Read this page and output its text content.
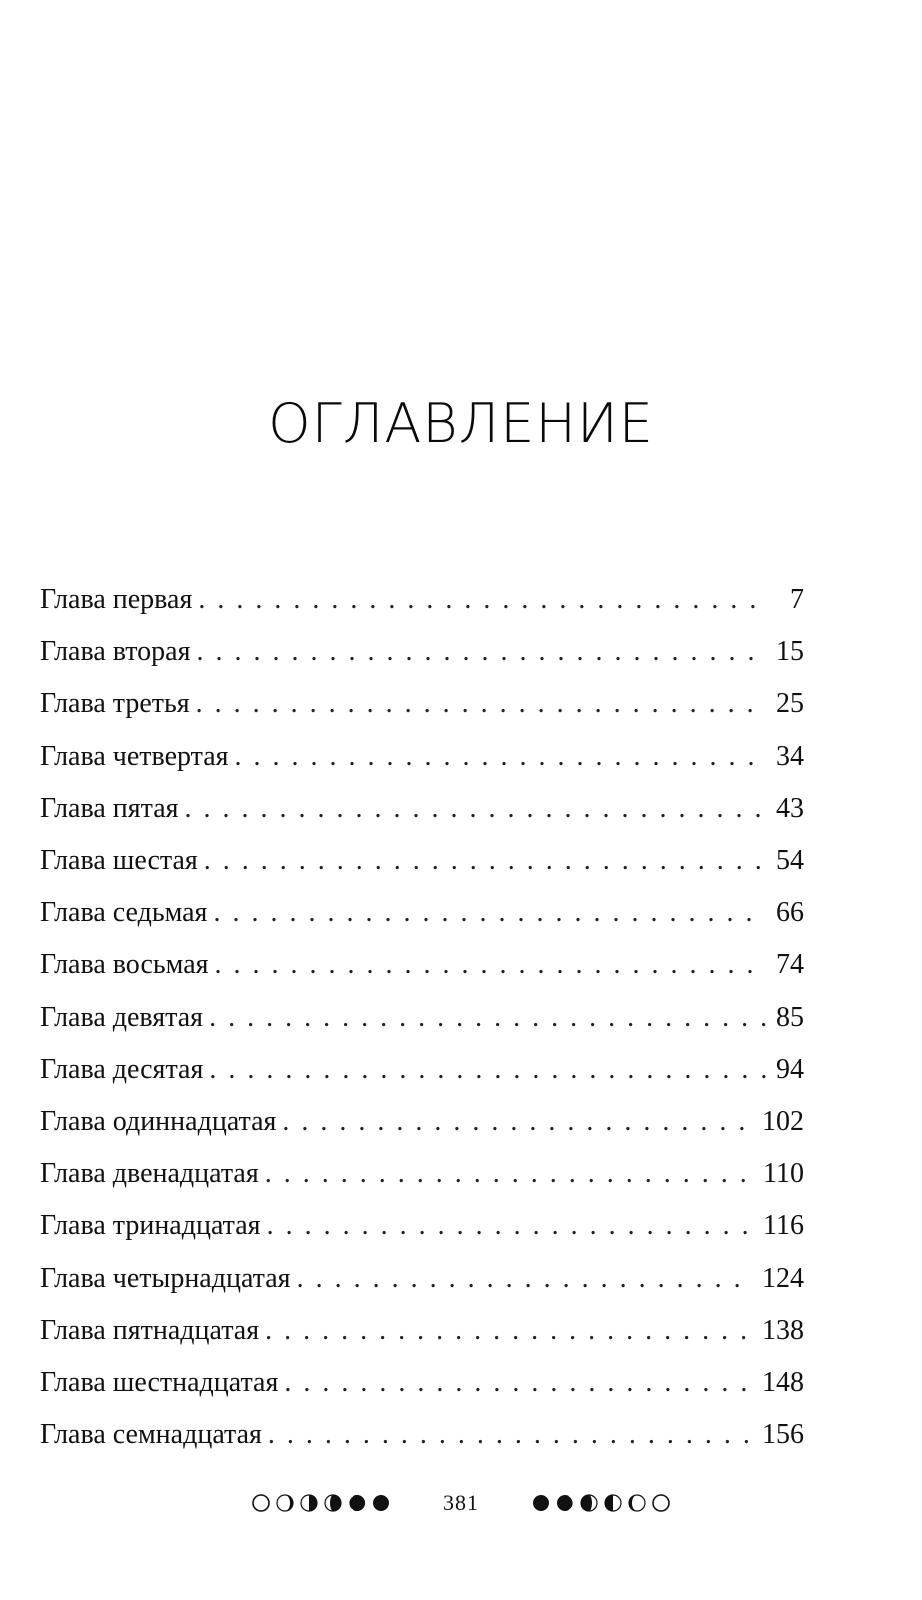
ОГЛАВЛЕНИЕ
Глава первая . . .	7
Глава вторая . . .	15
Глава третья . . .	25
Глава четвертая . . .	34
Глава пятая . . .	43
Глава шестая . . .	54
Глава седьмая . . .	66
Глава восьмая . . .	74
Глава девятая . . .	85
Глава десятая . . .	94
Глава одиннадцатая . . .	102
Глава двенадцатая . . .	110
Глава тринадцатая . . .	116
Глава четырнадцатая . . .	124
Глава пятнадцатая . . .	138
Глава шестнадцатая . . .	148
Глава семнадцатая . . .	156
381
